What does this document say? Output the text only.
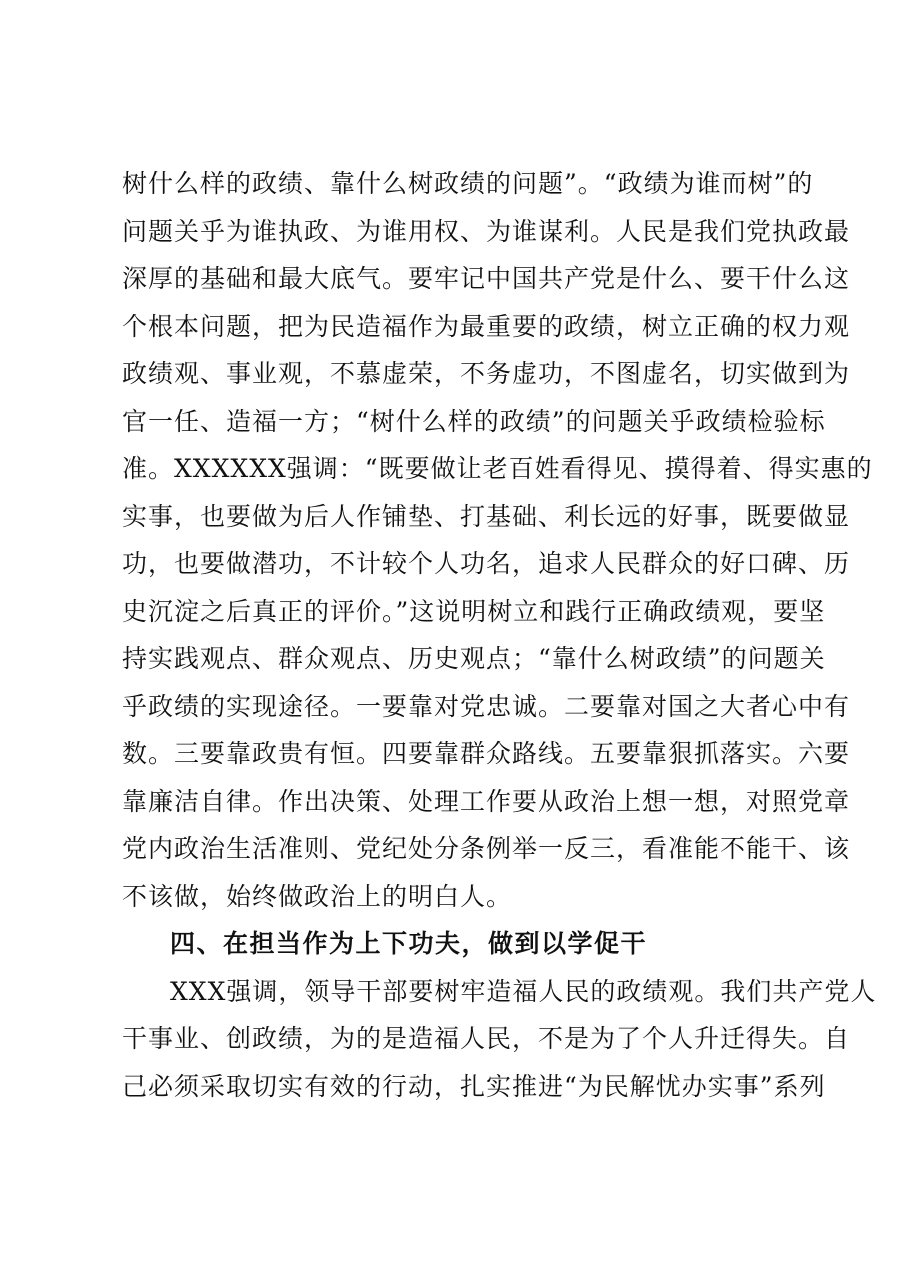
树什么样的政绩、靠什么树政绩的问题”。“政绩为谁而树”的
问题关乎为谁执政、为谁用权、为谁谋利。人民是我们党执政最
深厚的基础和最大底气。要牢记中国共产党是什么、要干什么这
个根本问题，把为民造福作为最重要的政绩，树立正确的权力观
政绩观、事业观，不慕虚荣，不务虚功，不图虚名，切实做到为
官一任、造福一方；“树什么样的政绩”的问题关乎政绩检验标
准。XXXXXX强调：“既要做让老百姓看得见、摸得着、得实惠的
实事，也要做为后人作铺垫、打基础、利长远的好事，既要做显
功，也要做潜功，不计较个人功名，追求人民群众的好口碑、历
史沉淀之后真正的评价。”这说明树立和践行正确政绩观，要坚
持实践观点、群众观点、历史观点；“靠什么树政绩”的问题关
乎政绩的实现途径。一要靠对党忠诚。二要靠对国之大者心中有
数。三要靠政贵有恒。四要靠群众路线。五要靠狠抓落实。六要
靠廉洁自律。作出决策、处理工作要从政治上想一想，对照党章
党内政治生活准则、党纪处分条例举一反三，看准能不能干、该
不该做，始终做政治上的明白人。
四、在担当作为上下功夫，做到以学促干
XXX强调，领导干部要树牢造福人民的政绩观。我们共产党人
干事业、创政绩，为的是造福人民，不是为了个人升迁得失。自
己必须采取切实有效的行动，扎实推进“为民解忧办实事”系列
